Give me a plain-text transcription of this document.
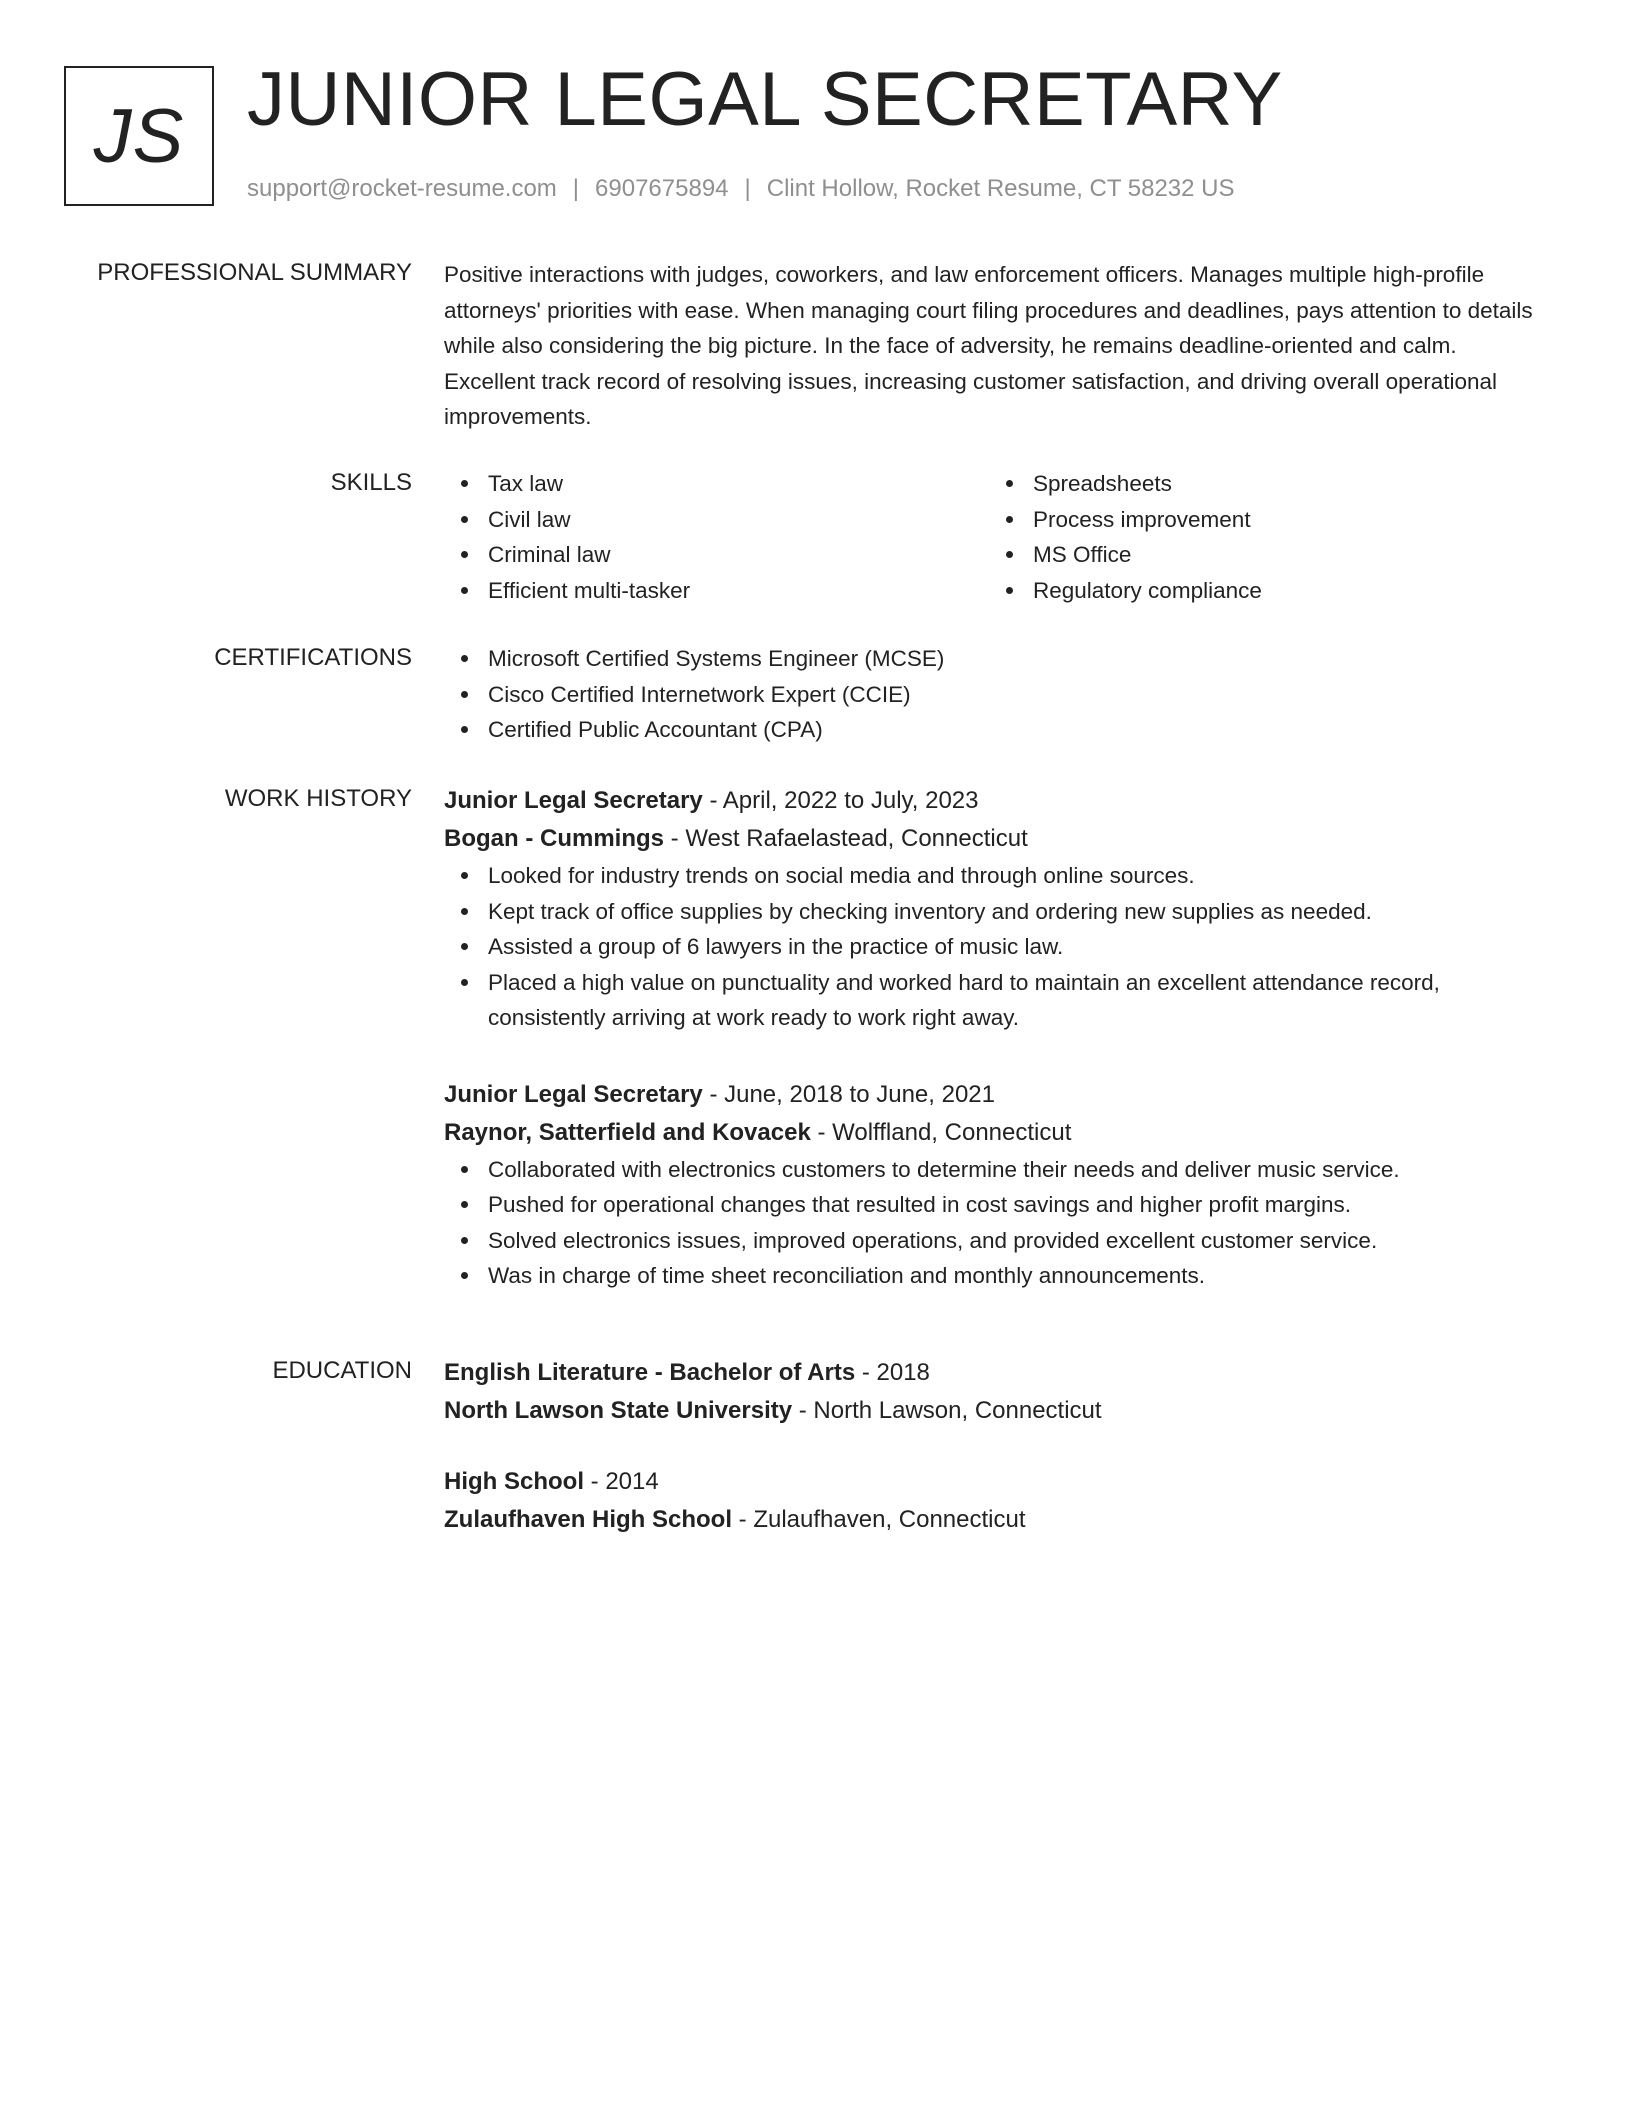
JS JUNIOR LEGAL SECRETARY
support@rocket-resume.com | 6907675894 | Clint Hollow, Rocket Resume, CT 58232 US
PROFESSIONAL SUMMARY Positive interactions with judges, coworkers, and law enforcement officers. Manages multiple high-profile attorneys' priorities with ease. When managing court filing procedures and deadlines, pays attention to details while also considering the big picture. In the face of adversity, he remains deadline-oriented and calm. Excellent track record of resolving issues, increasing customer satisfaction, and driving overall operational improvements.

SKILLS	Tax law
Civil law
Criminal law
Efficient multi-tasker
Spreadsheets
Process improvement
MS Office
Regulatory compliance
CERTIFICATIONS	Microsoft Certified Systems Engineer (MCSE)
Cisco Certified Internetwork Expert (CCIE)
Certified Public Accountant (CPA)
WORK HISTORY Junior Legal Secretary - April, 2022 to July, 2023
Bogan - Cummings - West Rafaelastead, Connecticut
Looked for industry trends on social media and through online sources.
Kept track of office supplies by checking inventory and ordering new supplies as needed.
Assisted a group of 6 lawyers in the practice of music law.
Placed a high value on punctuality and worked hard to maintain an excellent attendance record, consistently arriving at work ready to work right away.
Junior Legal Secretary - June, 2018 to June, 2021
Raynor, Satterfield and Kovacek - Wolffland, Connecticut
Collaborated with electronics customers to determine their needs and deliver music service.
Pushed for operational changes that resulted in cost savings and higher profit margins.
Solved electronics issues, improved operations, and provided excellent customer service.
Was in charge of time sheet reconciliation and monthly announcements.
EDUCATION English Literature - Bachelor of Arts - 2018
North Lawson State University - North Lawson, Connecticut
High School - 2014
Zulaufhaven High School - Zulaufhaven, Connecticut
